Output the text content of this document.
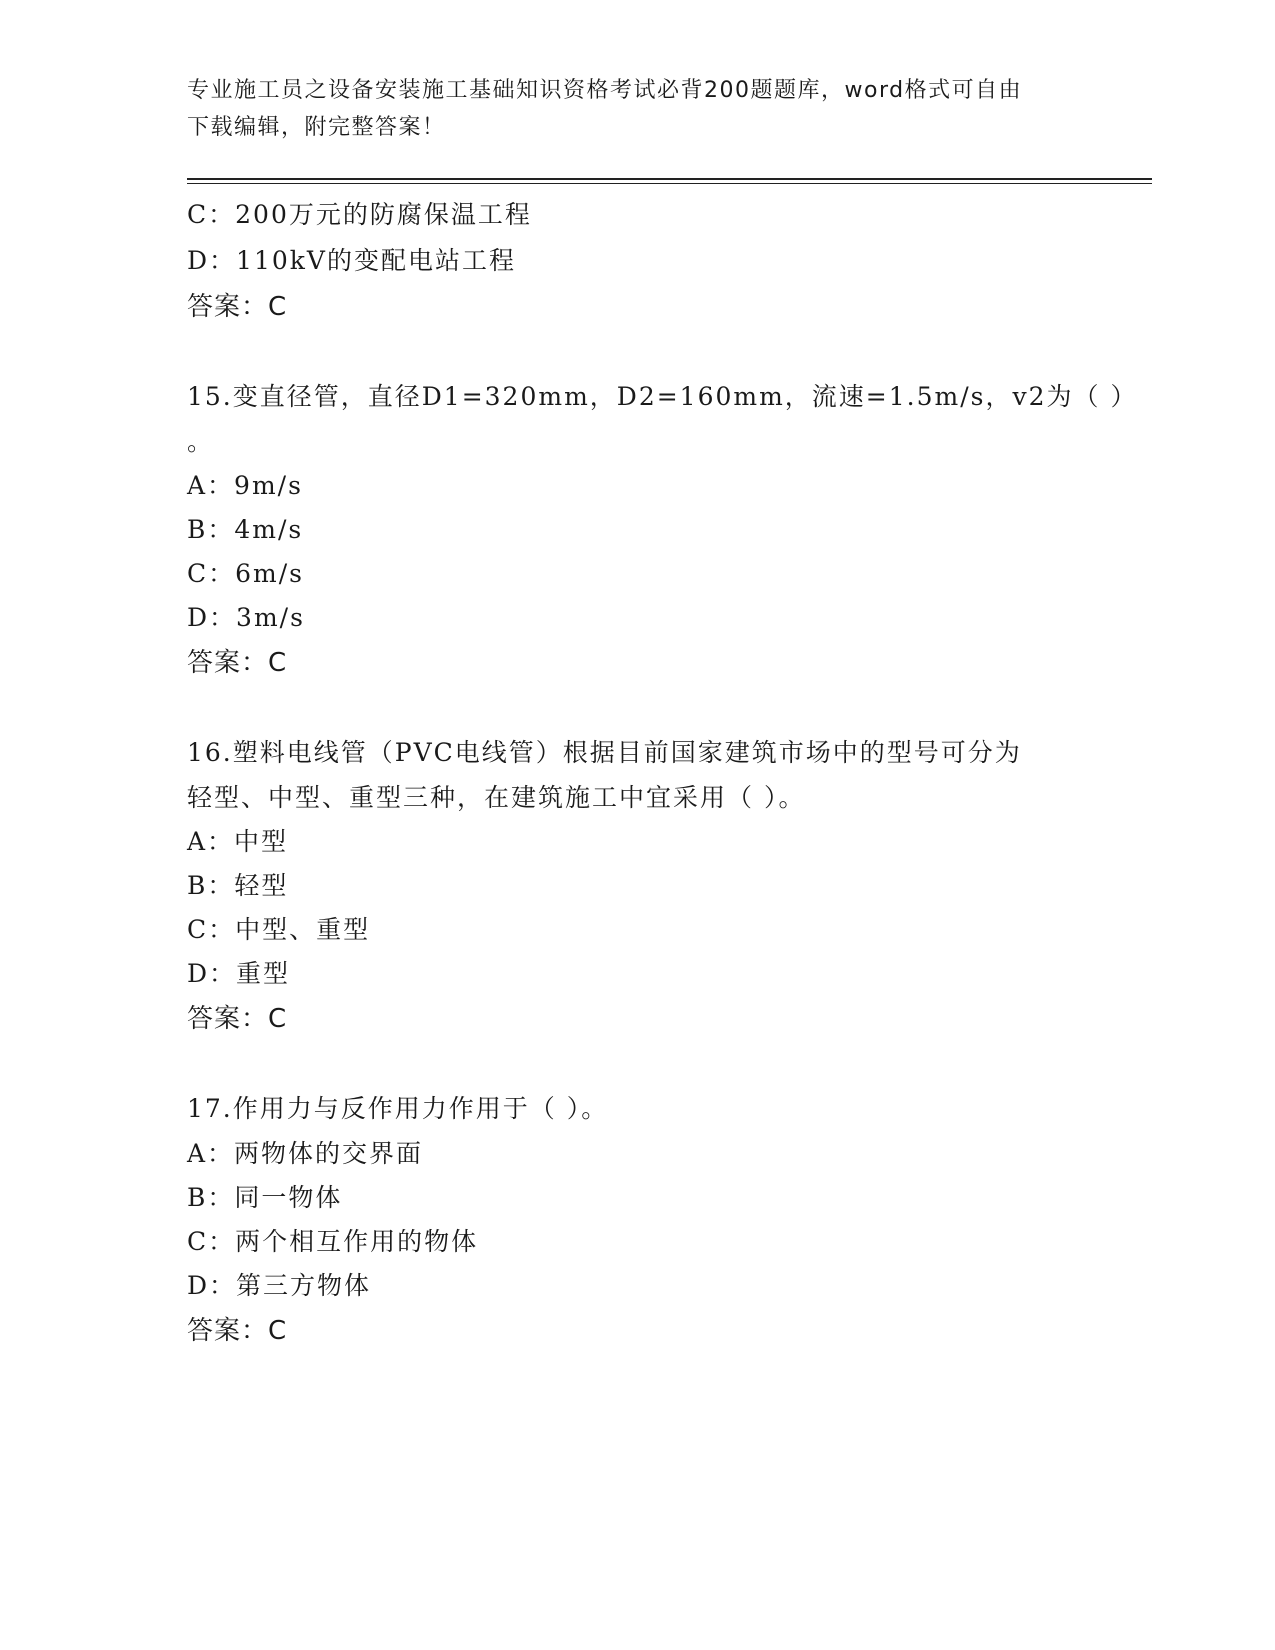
专业施工员之设备安装施工基础知识资格考试必背200题题库，word格式可自由
下载编辑，附完整答案！
C：200万元的防腐保温工程
D：110kV的变配电站工程
答案：C
15.变直径管，直径D1=320mm，D2=160mm，流速=1.5m/s，v2为（ ）
。
A：9m/s
B：4m/s
C：6m/s
D：3m/s
答案：C
16.塑料电线管（PVC电线管）根据目前国家建筑市场中的型号可分为
轻型、中型、重型三种，在建筑施工中宜采用（ ）。
A：中型
B：轻型
C：中型、重型
D：重型
答案：C
17.作用力与反作用力作用于（ ）。
A：两物体的交界面
B：同一物体
C：两个相互作用的物体
D：第三方物体
答案：C
